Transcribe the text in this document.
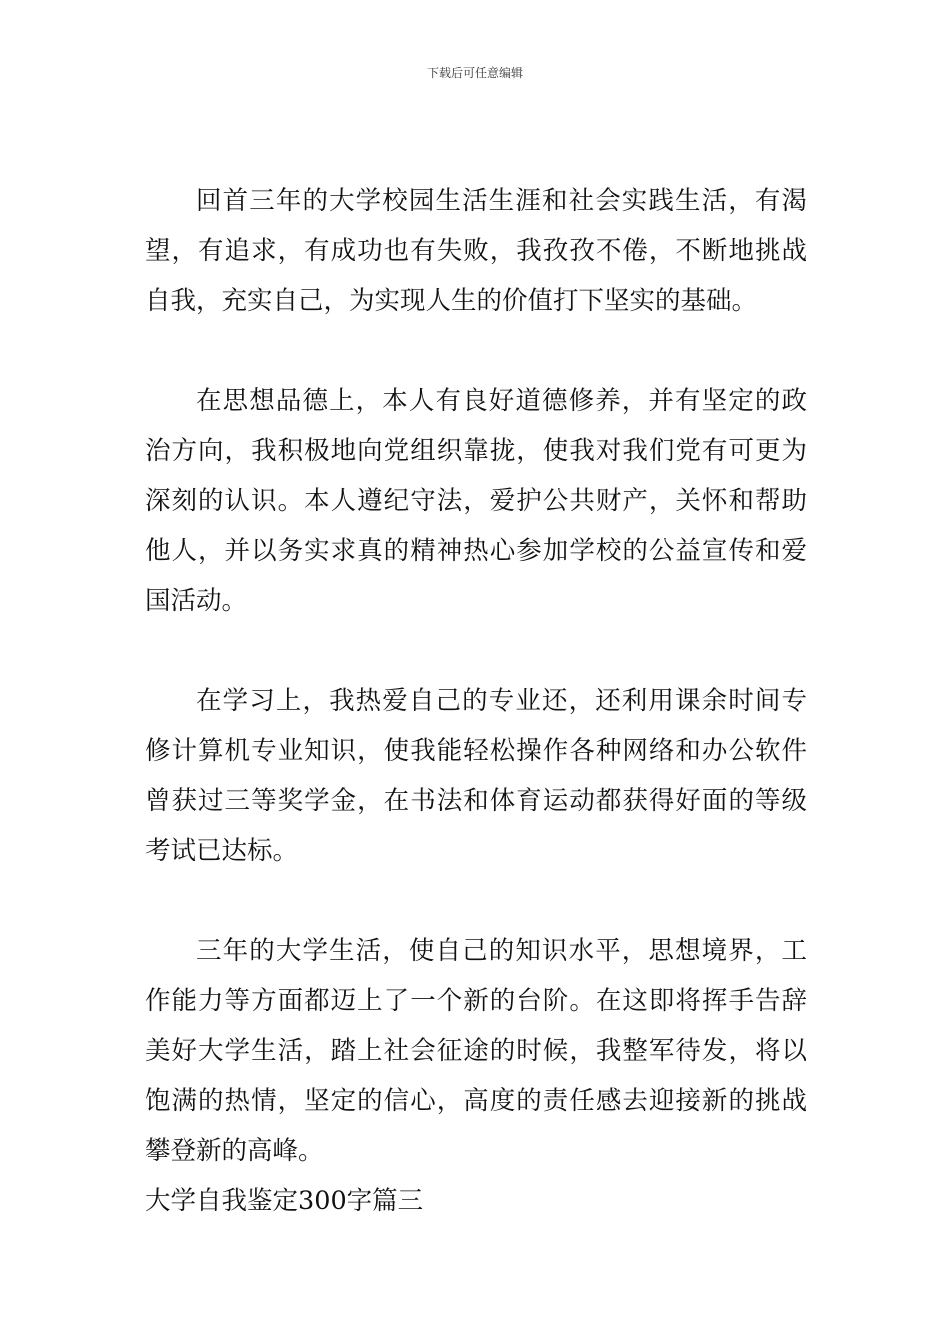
下载后可任意编辑

回首三年的大学校园生活生涯和社会实践生活，有渴望，有追求，有成功也有失败，我孜孜不倦，不断地挑战自我，充实自己，为实现人生的价值打下坚实的基础。

在思想品德上，本人有良好道德修养，并有坚定的政治方向，我积极地向党组织靠拢，使我对我们党有可更为深刻的认识。本人遵纪守法，爱护公共财产，关怀和帮助他人，并以务实求真的精神热心参加学校的公益宣传和爱国活动。

在学习上，我热爱自己的专业还，还利用课余时间专修计算机专业知识，使我能轻松操作各种网络和办公软件曾获过三等奖学金，在书法和体育运动都获得好面的等级考试已达标。

三年的大学生活，使自己的知识水平，思想境界，工作能力等方面都迈上了一个新的台阶。在这即将挥手告辞美好大学生活，踏上社会征途的时候，我整军待发，将以饱满的热情，坚定的信心，高度的责任感去迎接新的挑战攀登新的高峰。

大学自我鉴定300字篇三
